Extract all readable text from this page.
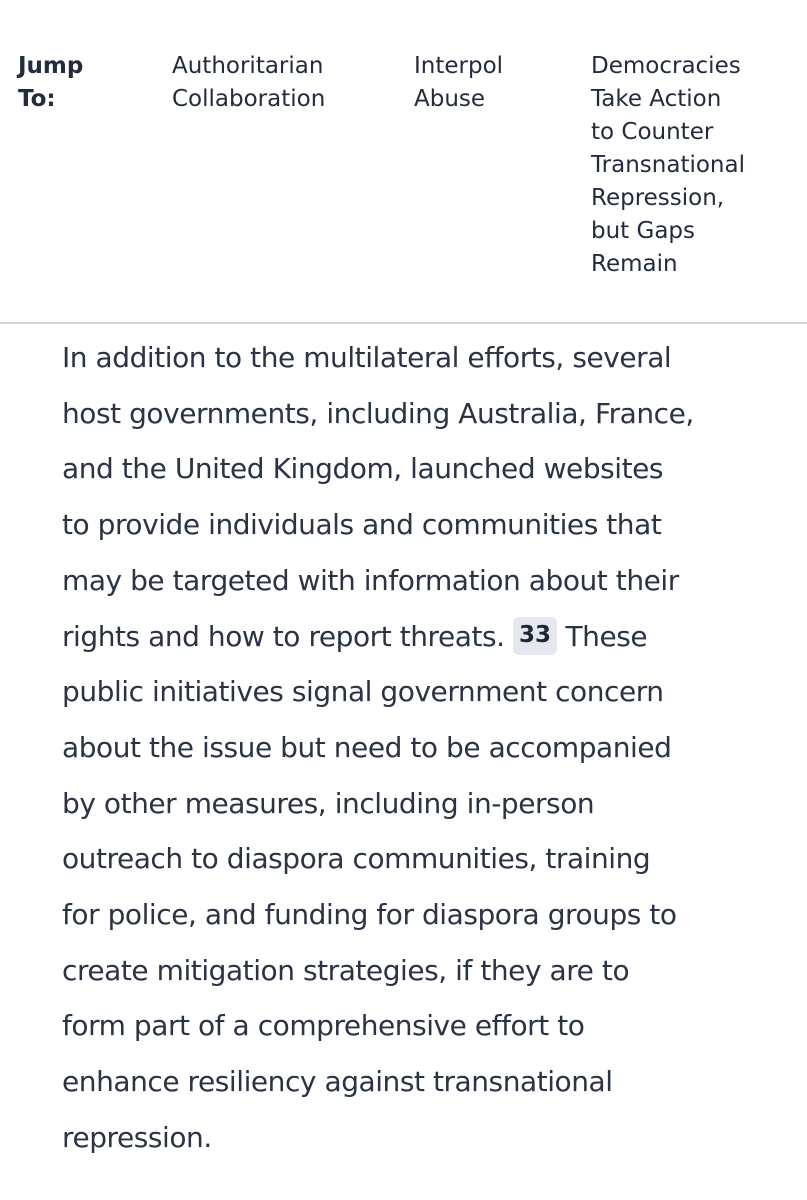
Jump
To:
Authoritarian
Collaboration
Interpol
Abuse
Democracies
Take Action
to Counter
Transnational
Repression,
but Gaps
Remain

In addition to the multilateral efforts, several
host governments, including Australia, France,
and the United Kingdom, launched websites
to provide individuals and communities that
may be targeted with information about their
rights and how to report threats. 33 These
public initiatives signal government concern
about the issue but need to be accompanied
by other measures, including in-person
outreach to diaspora communities, training
for police, and funding for diaspora groups to
create mitigation strategies, if they are to
form part of a comprehensive effort to
enhance resiliency against transnational
repression.
